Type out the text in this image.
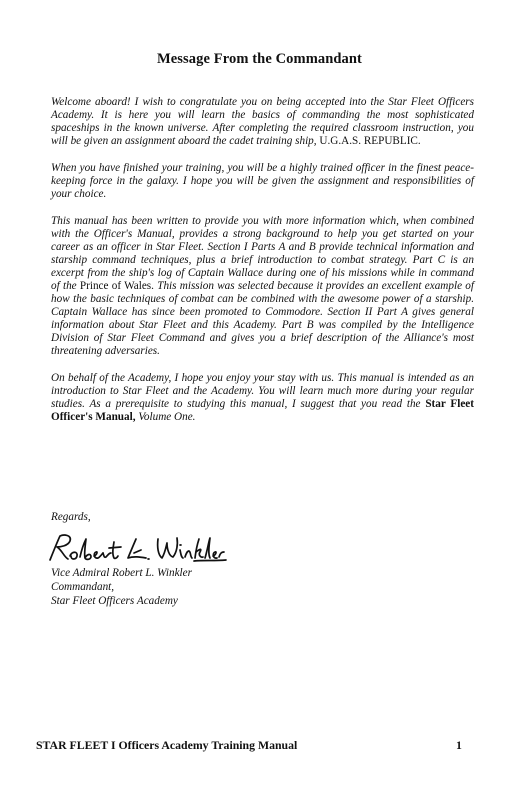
Message From the Commandant

Welcome aboard! I wish to congratulate you on being accepted into the Star Fleet Officers Academy. It is here you will learn the basics of commanding the most sophisticated spaceships in the known universe. After completing the required classroom instruction, you will be given an assignment aboard the cadet training ship, U.G.A.S. REPUBLIC.

When you have finished your training, you will be a highly trained officer in the finest peace-keeping force in the galaxy. I hope you will be given the assignment and responsibilities of your choice.

This manual has been written to provide you with more information which, when combined with the Officer's Manual, provides a strong background to help you get started on your career as an officer in Star Fleet. Section I Parts A and B provide technical information and starship command techniques, plus a brief introduction to combat strategy. Part C is an excerpt from the ship's log of Captain Wallace during one of his missions while in command of the Prince of Wales. This mission was selected because it provides an excellent example of how the basic techniques of combat can be combined with the awesome power of a starship. Captain Wallace has since been promoted to Commodore. Section II Part A gives general information about Star Fleet and this Academy. Part B was compiled by the Intelligence Division of Star Fleet Command and gives you a brief description of the Alliance's most threatening adversaries.

On behalf of the Academy, I hope you enjoy your stay with us. This manual is intended as an introduction to Star Fleet and the Academy. You will learn much more during your regular studies. As a prerequisite to studying this manual, I suggest that you read the Star Fleet Officer's Manual, Volume One.

Regards,
Vice Admiral Robert L. Winkler
Commandant,
Star Fleet Officers Academy
STAR FLEET I Officers Academy Training Manual	1
